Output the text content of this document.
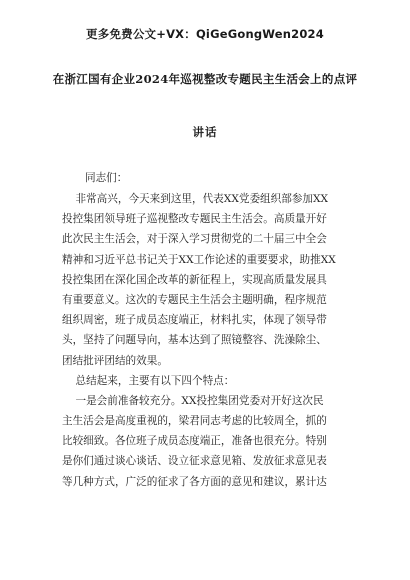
更多免费公文+VX：QiGeGongWen2024
在浙江国有企业2024年巡视整改专题民主生活会上的点评
讲话
同志们：
非常高兴，今天来到这里，代表XX党委组织部参加XX
投控集团领导班子巡视整改专题民主生活会。高质量开好
此次民主生活会，对于深入学习贯彻党的二十届三中全会
精神和习近平总书记关于XX工作论述的重要要求，助推XX
投控集团在深化国企改革的新征程上，实现高质量发展具
有重要意义。这次的专题民主生活会主题明确，程序规范
组织周密，班子成员态度端正，材料扎实，体现了领导带
头，坚持了问题导向，基本达到了照镜整容、洗澡除尘、
团结批评团结的效果。
总结起来，主要有以下四个特点：
一是会前准备较充分。XX投控集团党委对开好这次民
主生活会是高度重视的，梁君同志考虑的比较周全，抓的
比较细致。各位班子成员态度端正，准备也很充分。特别
是你们通过谈心谈话、设立征求意见箱、发放征求意见表
等几种方式，广泛的征求了各方面的意见和建议，累计达
